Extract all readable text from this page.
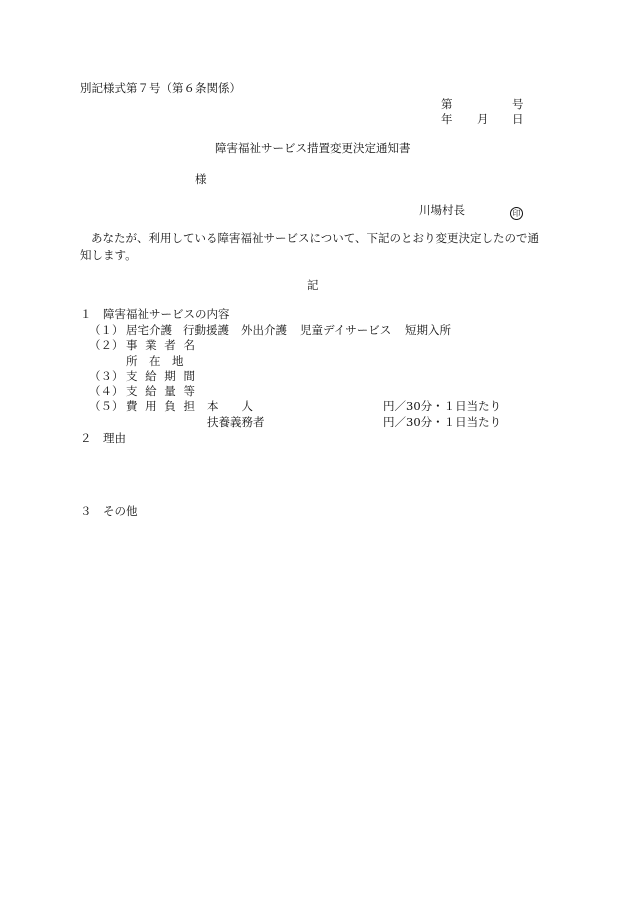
別記様式第７号（第６条関係）
第	号
年 月 日
障害福祉サービス措置変更決定通知書
様
川場村長	印
あなたが、利用している障害福祉サービスについて、下記のとおり変更決定したので通知します。
記
１ 障害福祉サービスの内容
（１） 居宅介護 行動援護 外出介護 児童デイサービス 短期入所
（２） 事 業 者 名
所　在　地
（３） 支 給 期 間
（４） 支 給 量 等
（５） 費 用 負 担 本　　人	円／30分・１日当たり
扶養義務者	円／30分・１日当たり
２ 理由
３ その他
